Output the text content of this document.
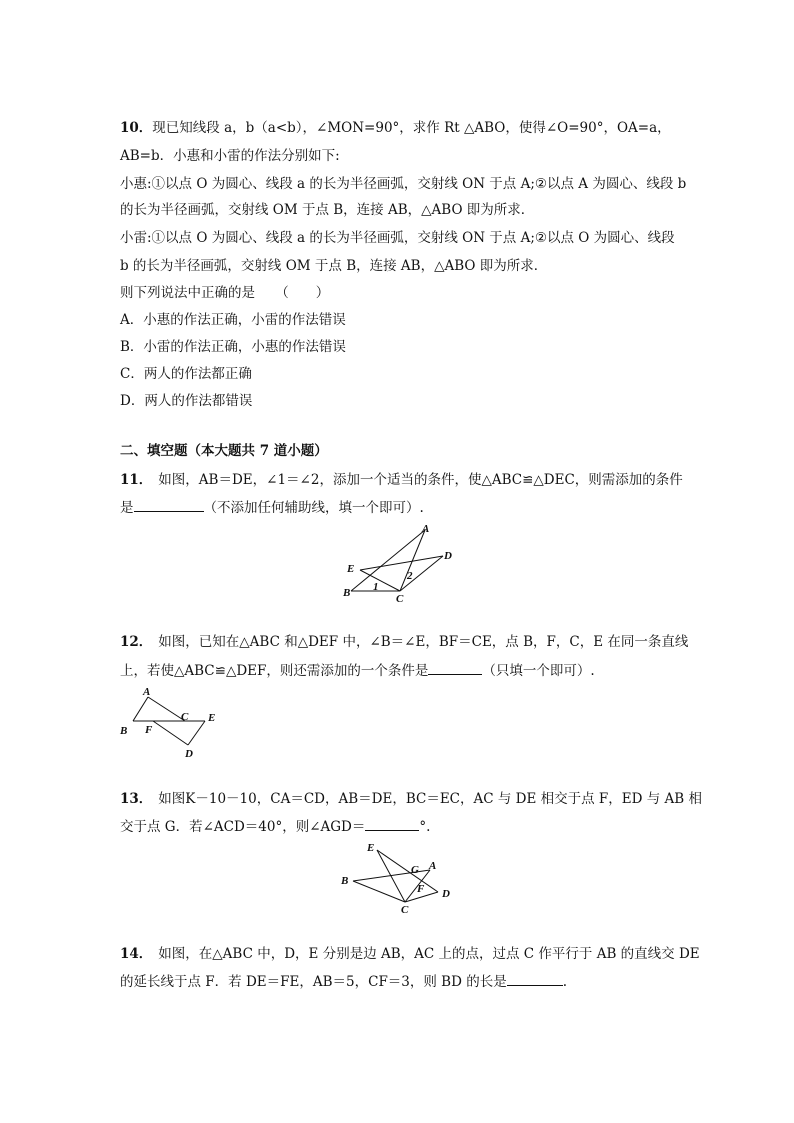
10．现已知线段 a，b（a<b），∠MON=90°，求作 Rt △ABO，使得∠O=90°，OA=a，
AB=b．小惠和小雷的作法分别如下:
小惠:①以点 O 为圆心、线段 a 的长为半径画弧，交射线 ON 于点 A;②以点 A 为圆心、线段 b
的长为半径画弧，交射线 OM 于点 B，连接 AB，△ABO 即为所求．
小雷:①以点 O 为圆心、线段 a 的长为半径画弧，交射线 ON 于点 A;②以点 O 为圆心、线段
b 的长为半径画弧，交射线 OM 于点 B，连接 AB，△ABO 即为所求．
则下列说法中正确的是　　（　　）
A．小惠的作法正确，小雷的作法错误
B．小雷的作法正确，小惠的作法错误
C．两人的作法都正确
D．两人的作法都错误
二、填空题（本大题共 7 道小题）
11． 如图，AB＝DE，∠1＝∠2，添加一个适当的条件，使△ABC≌△DEC，则需添加的条件
是	（不添加任何辅助线，填一个即可）.
A
B	C
D
E
1
2
12． 如图，已知在△ABC 和△DEF 中，∠B＝∠E，BF＝CE，点 B，F，C，E 在同一条直线
上，若使△ABC≌△DEF，则还需添加的一个条件是	（只填一个即可）.
A
B F
C E
D
13． 如图K－10－10，CA＝CD，AB＝DE，BC＝EC，AC 与 DE 相交于点 F，ED 与 AB 相
交于点 G．若∠ACD＝40°，则∠AGD＝	°.
E
A
G
B
F D
C
14． 如图，在△ABC 中，D，E 分别是边 AB，AC 上的点，过点 C 作平行于 AB 的直线交 DE
的延长线于点 F．若 DE＝FE，AB＝5，CF＝3，则 BD 的长是	.
